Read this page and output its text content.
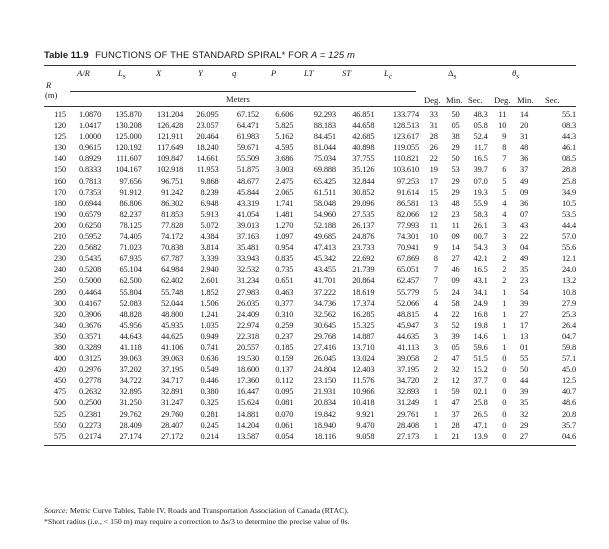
Table 11.9 FUNCTIONS OF THE STANDARD SPIRAL* FOR A = 125 m
A/R	$L_s$	X	Y	q	P	LT	ST	$L_c$	$\Delta_s$	$\theta_s$
R
(m)	Meters	Deg. Min. Sec. Deg. Min. Sec.
115	1.0870	135.870	131.204	26.095	67.152	6.606	92.293	46.851	133.774	33	50	48.3	11	14	55.1
120	1.0417	130.208	126.428	23.057	64.471	5.825	88.183	44.658	128.513	31	05	05.8	10	20	08.3
125	1.0000	125.000	121.911	20.464	61.983	5.162	84.451	42.685	123.617	28	38	52.4	9	31	44.3
130	0.9615	120.192	117.649	18.240	59.671	4.595	81.044	40.898	119.055	26	29	11.7	8	48	46.1
140	0.8929	111.607	109.847	14.661	55.509	3.686	75.034	37.755	110.821	22	50	16.5	7	36	08.5
150	0.8333	104.167	102.918	11.953	51.875	3.003	69.888	35.126	103.610	19	53	39.7	6	37	28.8
160	0.7813	97.656	96.751	9.868	48.677	2.475	65.425	32.844	97.253	17	29	07.0	5	49	25.8
170	0.7353	91.912	91.242	8.239	45.844	2.065	61.511	30.852	91.614	15	29	19.3	5	09	34.9
180	0.6944	86.806	86.302	6.948	43.319	1.741	58.048	29.096	86.581	13	48	55.9	4	36	10.5
190	0.6579	82.237	81.853	5.913	41.054	1.481	54.960	27.535	82.066	12	23	58.3	4	07	53.5
200	0.6250	78.125	77.828	5.072	39.013	1.270	52.188	26.137	77.993	11	11	26.1	3	43	44.4
210	0.5952	74.405	74.172	4.384	37.163	1.097	49.685	24.876	74.301	10	09	00.7	3	22	57.0
220	0.5682	71.023	70.838	3.814	35.481	0.954	47.413	23.733	70.941	9	14	54.3	3	04	55.6
230	0.5435	67.935	67.787	3.339	33.943	0.835	45.342	22.692	67.869	8	27	42.1	2	49	12.1
240	0.5208	65.104	64.984	2.940	32.532	0.735	43.455	21.739	65.051	7	46	16.5	2	35	24.0
250	0.5000	62.500	62.402	2.601	31.234	0.651	41.701	20.864	62.457	7	09	43.1	2	23	13.2
280	0.4464	55.804	55.748	1.852	27.983	0.463	37.222	18.619	55.779	5	24	34.1	1	54	10.8
300	0.4167	52.083	52.044	1.506	26.035	0.377	34.736	17.374	52.066	4	58	24.9	1	39	27.9
320	0.3906	48.828	48.800	1.241	24.409	0.310	32.562	16.285	48.815	4	22	16.8	1	27	25.3
340	0.3676	45.956	45.935	1.035	22.974	0.259	30.645	15.325	45.947	3	52	19.8	1	17	26.4
350	0.3571	44.643	44.625	0.949	22.318	0.237	29.768	14.887	44.635	3	39	14.6	1	13	04.7
380	0.3289	41.118	41.106	0.741	20.557	0.185	27.416	13.710	41.113	3	05	59.6	1	01	59.8
400	0.3125	39.063	39.063	0.636	19.530	0.159	26.045	13.024	39.058	2	47	51.5	0	55	57.1
420	0.2976	37.202	37.195	0.549	18.600	0.137	24.804	12.403	37.195	2	32	15.2	0	50	45.0
450	0.2778	34.722	34.717	0.446	17.360	0.112	23.150	11.576	34.720	2	12	37.7	0	44	12.5
475	0.2632	32.895	32.891	0.380	16.447	0.095	21.931	10.966	32.893	1	59	02.1	0	39	40.7
500	0.2500	31.250	31.247	0.325	15.624	0.081	20.834	10.418	31.249	1	47	25.8	0	35	48.6
525	0.2381	29.762	29.760	0.281	14.881	0.070	19.842	9.921	29.761	1	37	26.5	0	32	20.8
550	0.2273	28.409	28.407	0.245	14.204	0.061	18.940	9.470	28.408	1	28	47.1	0	29	35.7
575	0.2174	27.174	27.172	0.214	13.587	0.054	18.116	9.058	27.173	1	21	13.9	0	27	04.6
Source: Metric Curve Tables, Table IV, Roads and Transportation Association of Canada (RTAC).
*Short radius (i.e., < 150 m) may require a correction to Δs/3 to determine the precise value of θs.
